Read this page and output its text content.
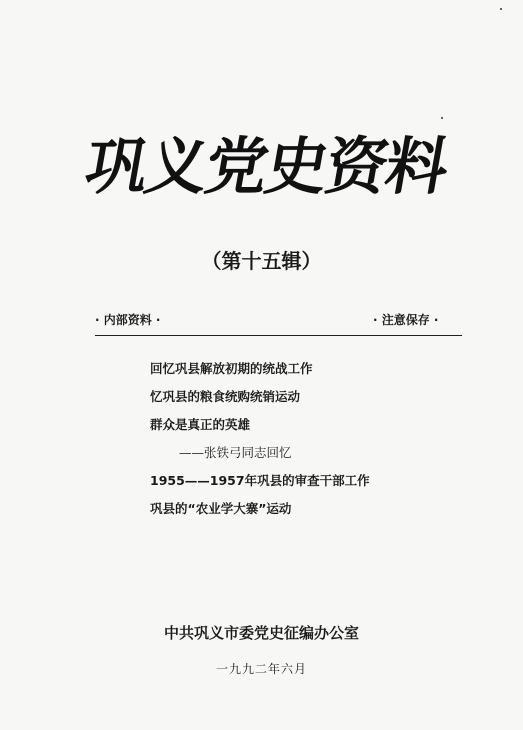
巩义党史资料
（第十五辑）
· 内部资料 ·	· 注意保存 ·
回忆巩县解放初期的统战工作
忆巩县的粮食统购统销运动
群众是真正的英雄
——张铁弓同志回忆
1955——1957年巩县的审查干部工作
巩县的“农业学大寨”运动
中共巩义市委党史征编办公室
一九九二年六月
